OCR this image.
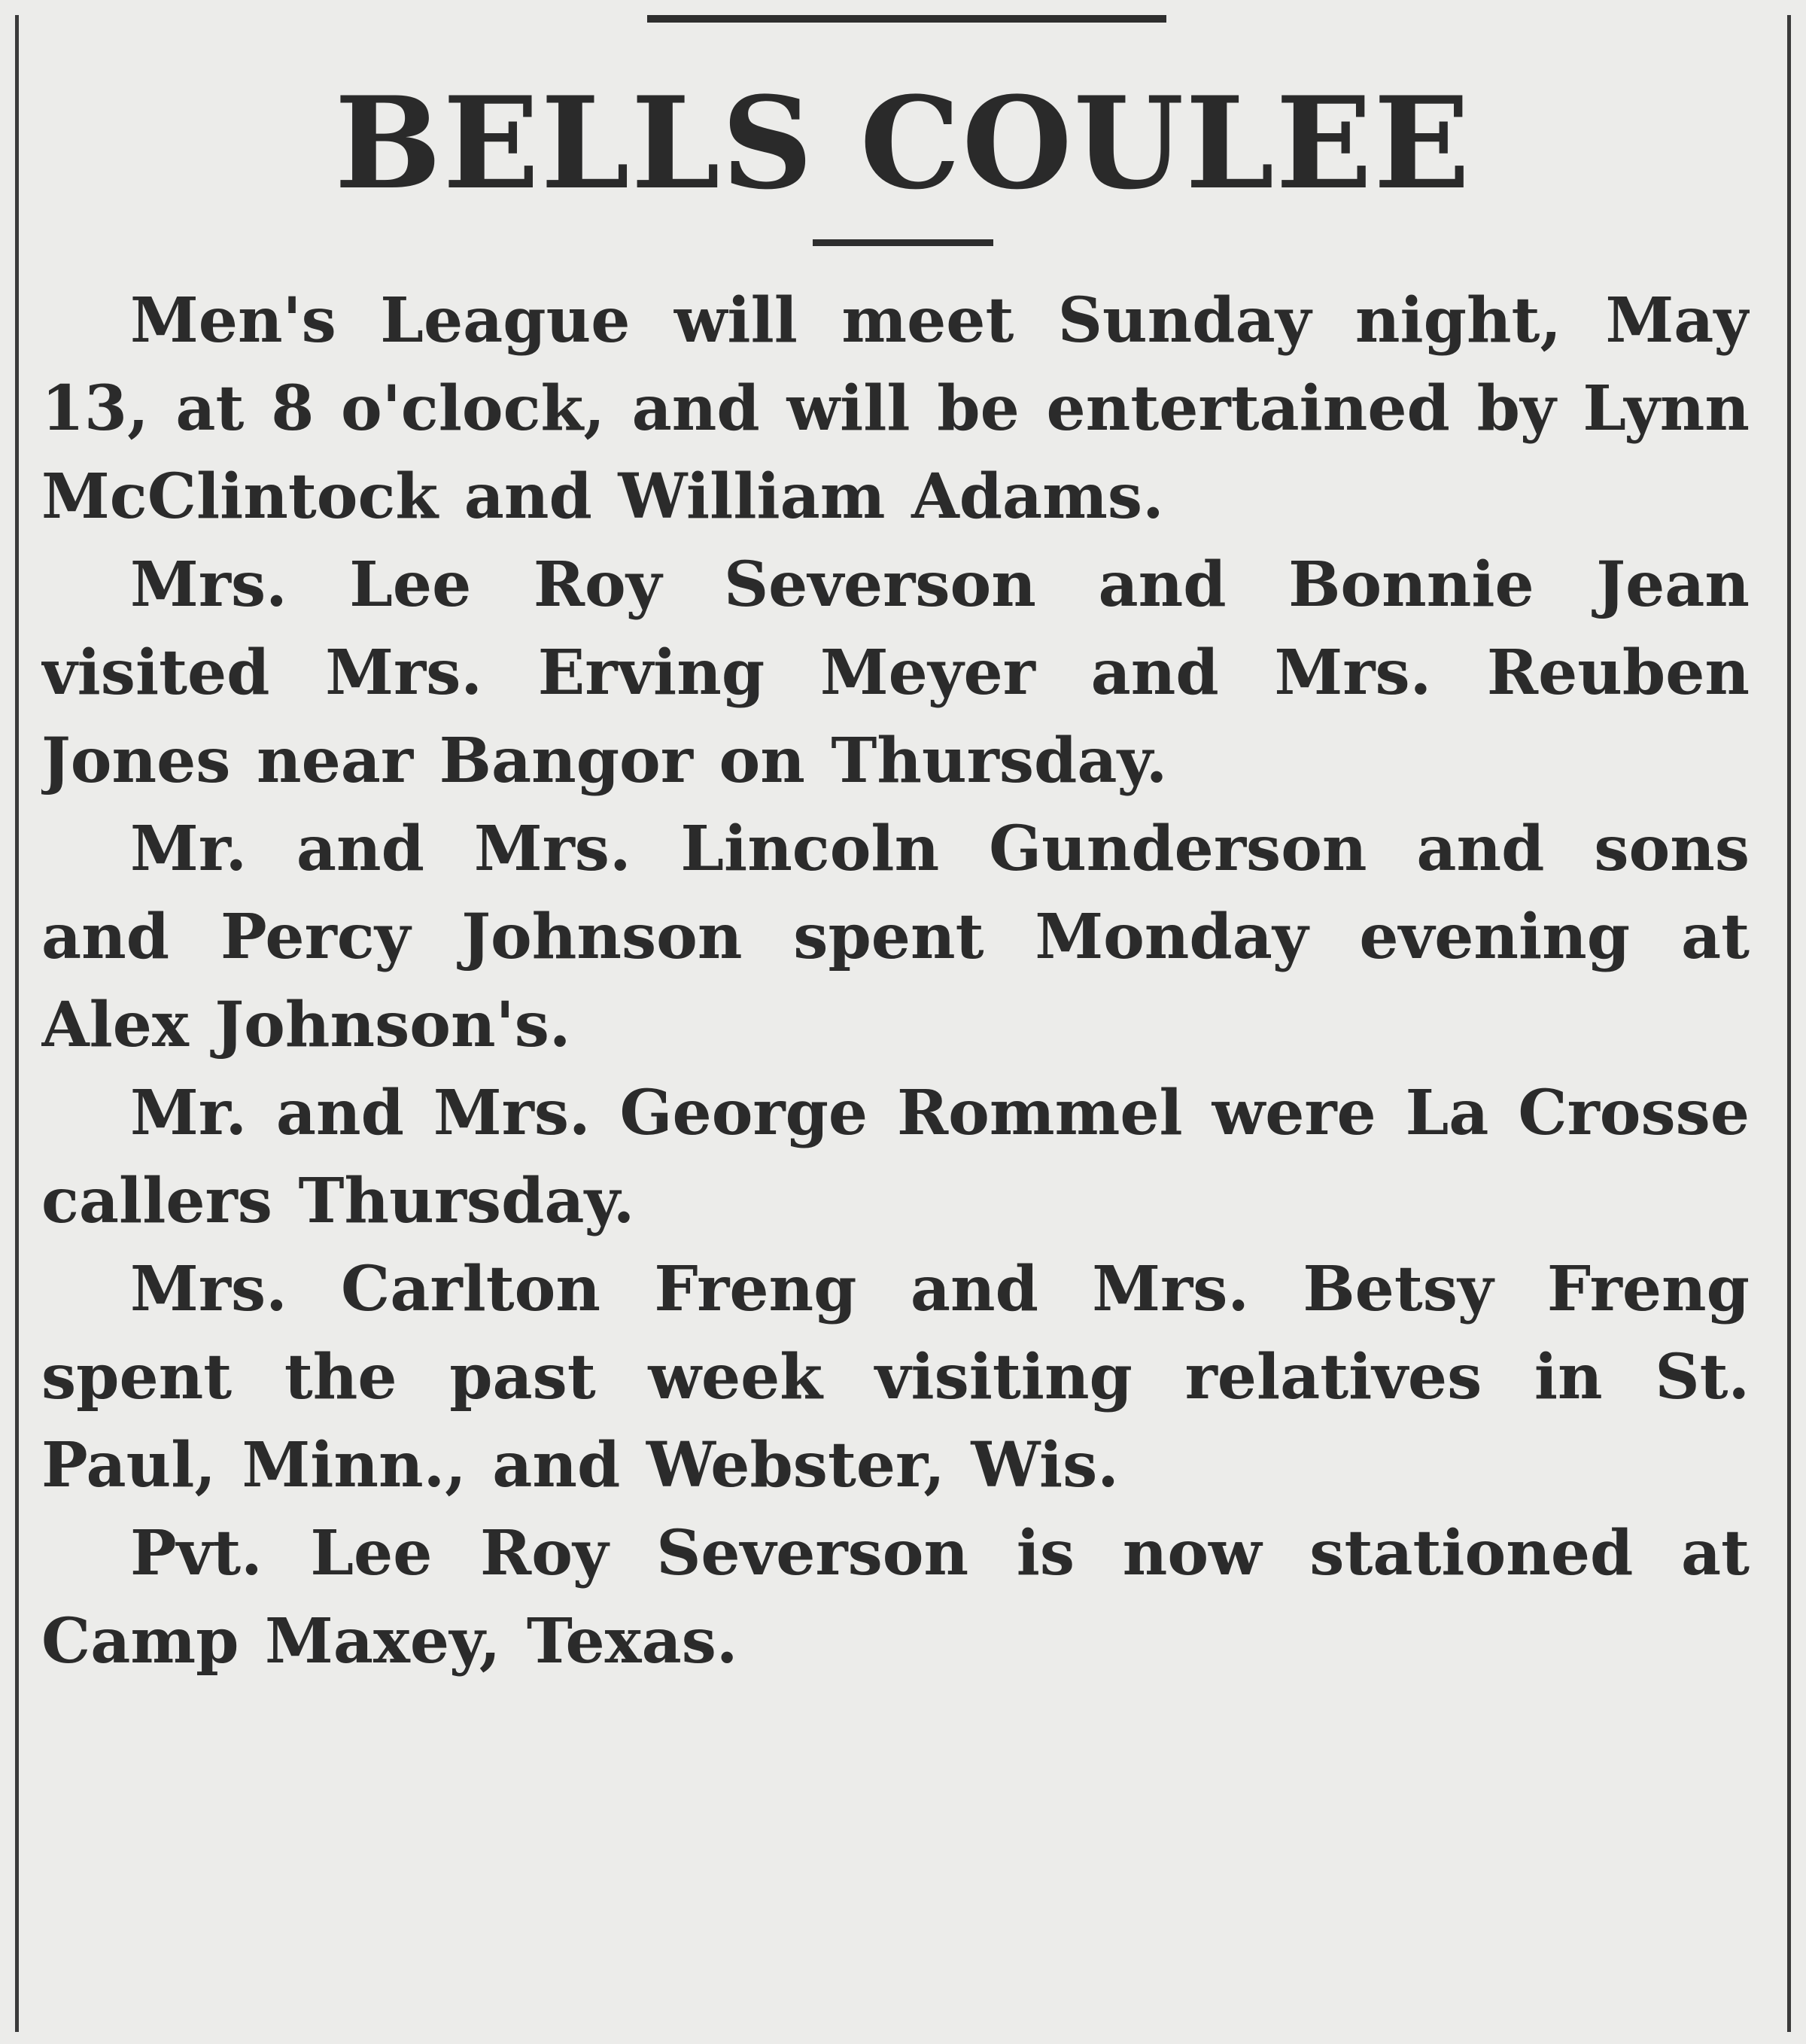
BELLS COULEE

Men's League will meet Sunday night, May 13, at 8 o'clock, and will be entertained by Lynn McClintock and William Adams.

Mrs. Lee Roy Severson and Bonnie Jean visited Mrs. Erving Meyer and Mrs. Reuben Jones near Bangor on Thursday.

Mr. and Mrs. Lincoln Gunderson and sons and Percy Johnson spent Monday evening at Alex Johnson's.

Mr. and Mrs. George Rommel were La Crosse callers Thursday.

Mrs. Carlton Freng and Mrs. Betsy Freng spent the past week visiting relatives in St. Paul, Minn., and Webster, Wis.

Pvt. Lee Roy Severson is now stationed at Camp Maxey, Texas.
